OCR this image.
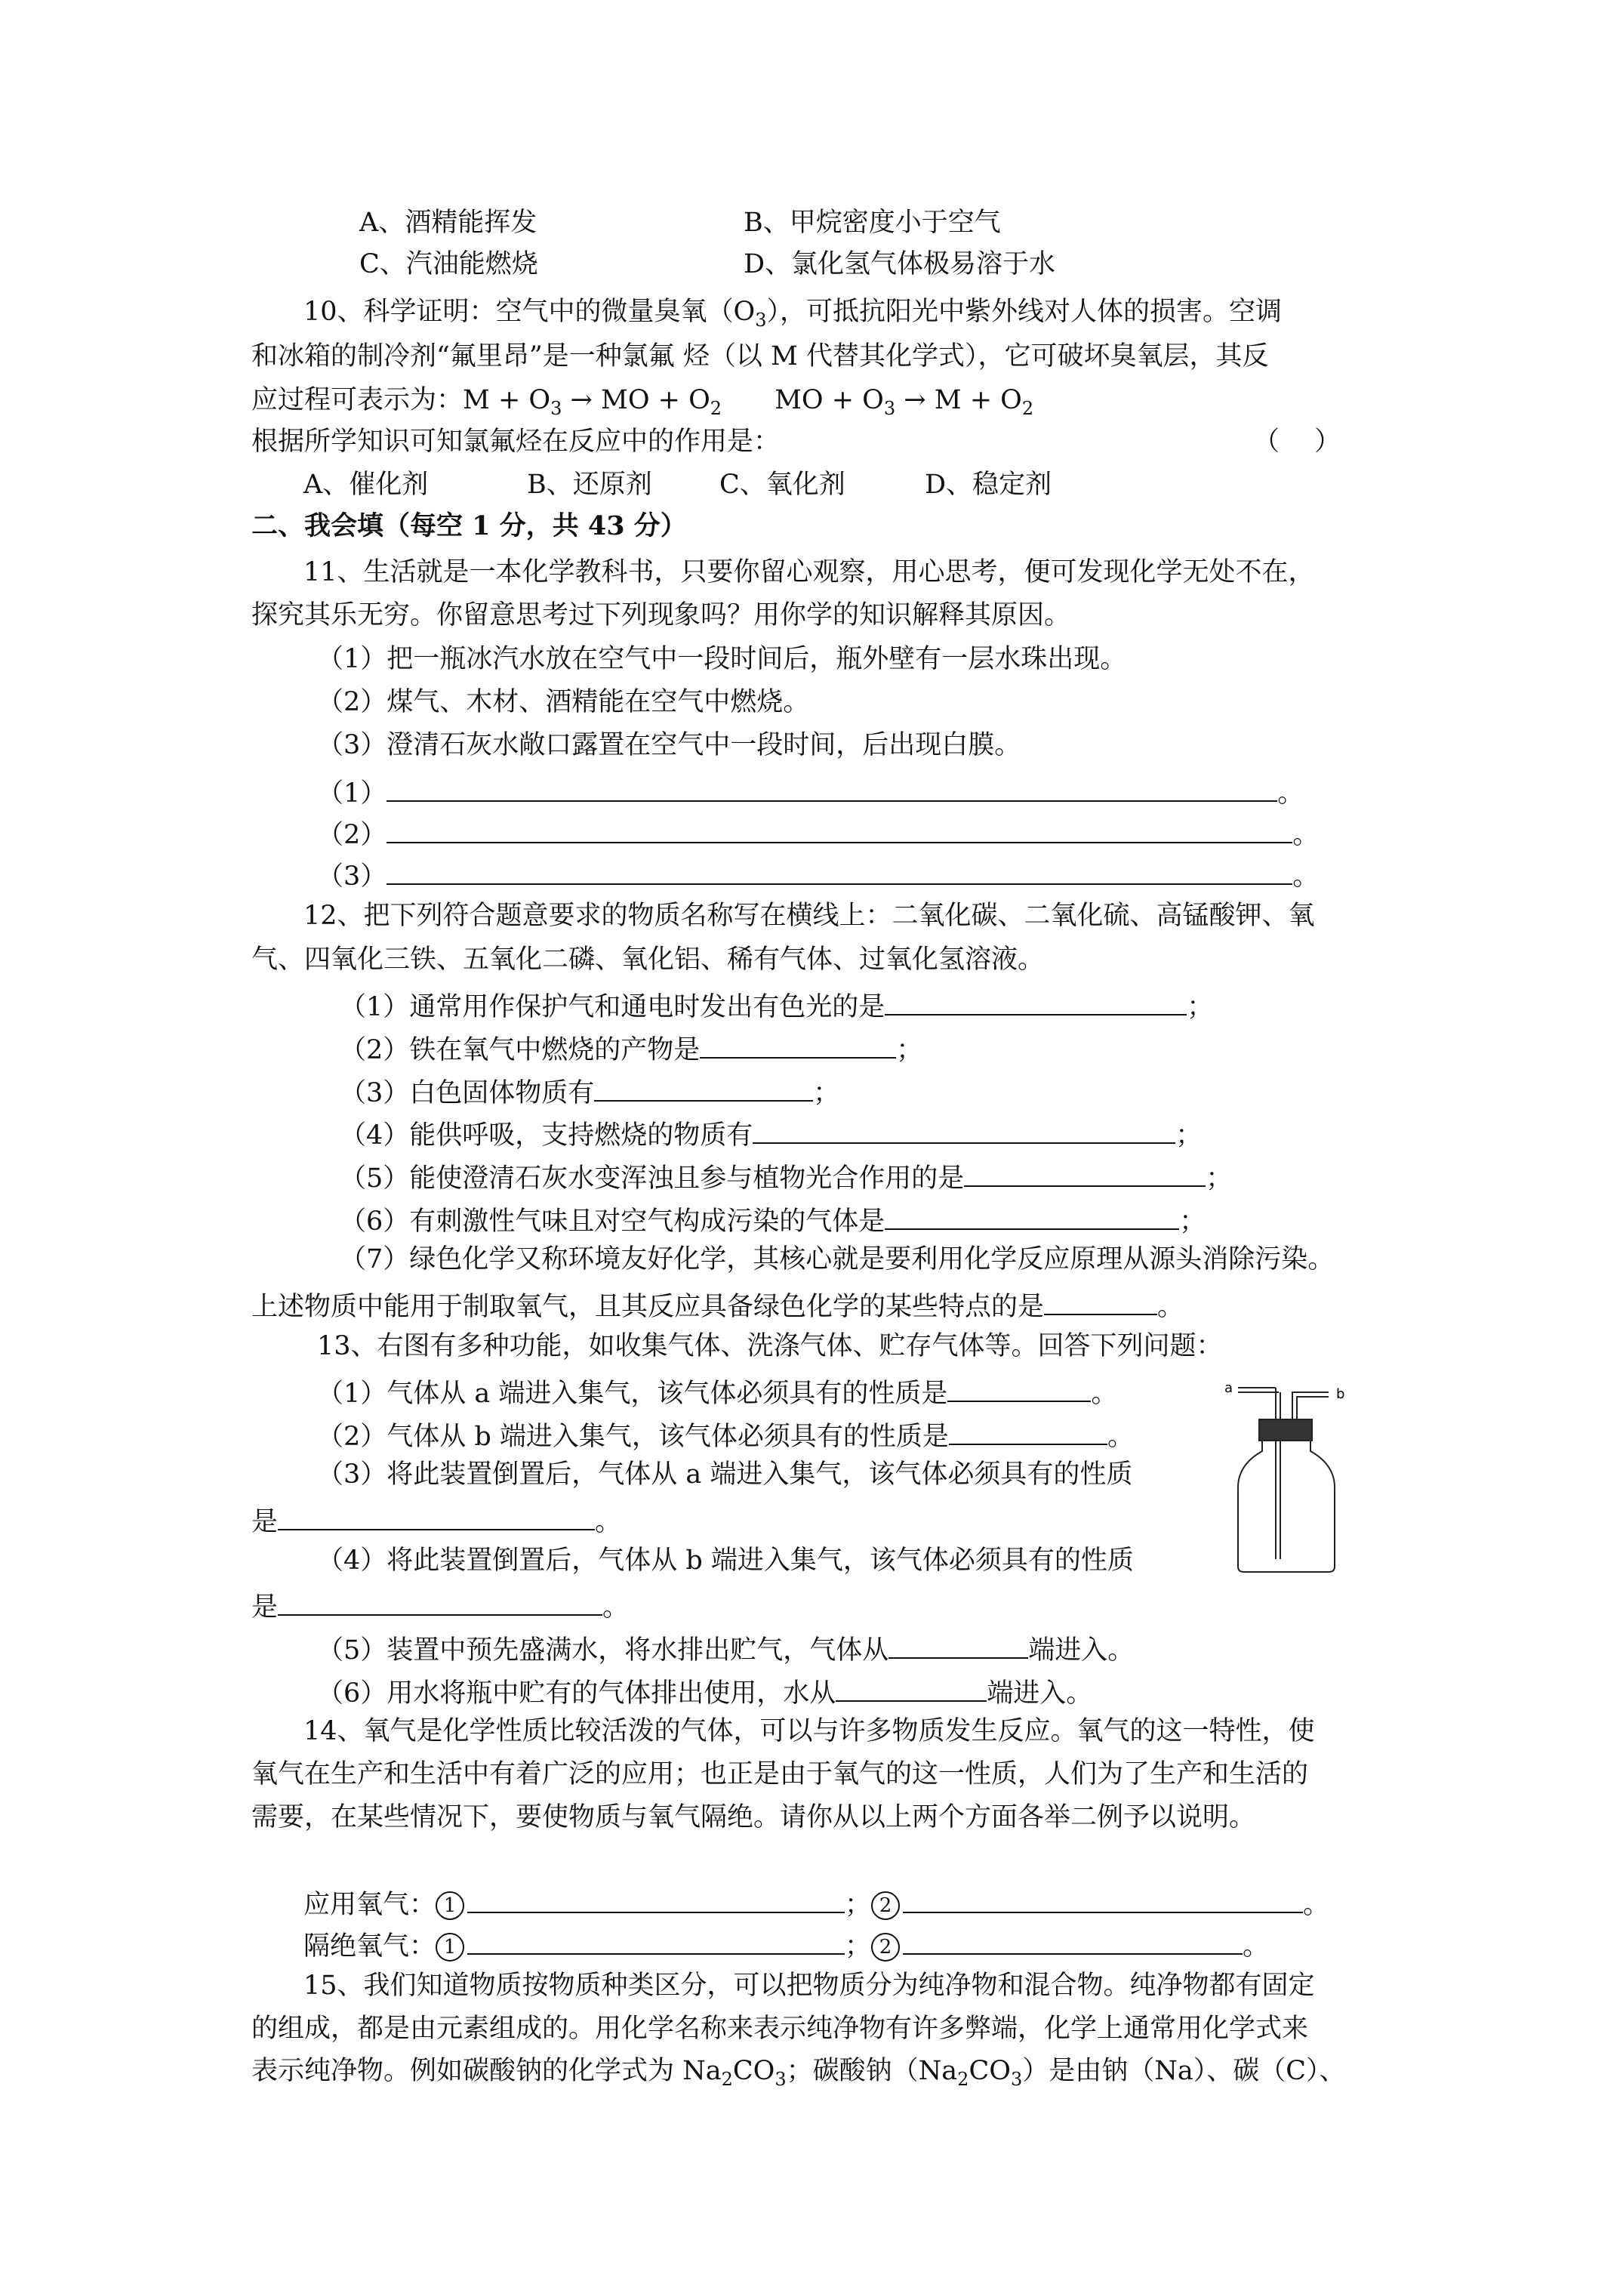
A、酒精能挥发	B、甲烷密度小于空气
C、汽油能燃烧	D、氯化氢气体极易溶于水
10、科学证明：空气中的微量臭氧$(O_3)$，可抵抗阳光中紫外线对人体的损害。空调
和冰箱的制冷剂“氟里昂”是一种氯氟 烃（以 M 代替其化学式），它可破坏臭氧层，其反
应过程可表示为：$M + O_3$ → MO + $O_2$ MO + $O_3 \to M + O_2$
根据所学知识可知氯氟烃在反应中的作用是：	（　 ）
A、催化剂	B、还原剂	C、氧化剂	D、稳定剂
二、我会填（每空 1 分，共 43 分）
11、生活就是一本化学教科书，只要你留心观察，用心思考，便可发现化学无处不在，
探究其乐无穷。你留意思考过下列现象吗？用你学的知识解释其原因。
（1）把一瓶冰汽水放在空气中一段时间后，瓶外壁有一层水珠出现。
（2）煤气、木材、酒精能在空气中燃烧。
（3）澄清石灰水敞口露置在空气中一段时间，后出现白膜。
（1）	。
（2）	。
（3）	。
12、把下列符合题意要求的物质名称写在横线上：二氧化碳、二氧化硫、高锰酸钾、氧
气、四氧化三铁、五氧化二磷、氧化铝、稀有气体、过氧化氢溶液。
（1）通常用作保护气和通电时发出有色光的是	；
（2）铁在氧气中燃烧的产物是	；
（3）白色固体物质有	；
（4）能供呼吸，支持燃烧的物质有	；
（5）能使澄清石灰水变浑浊且参与植物光合作用的是	；
（6）有刺激性气味且对空气构成污染的气体是	；
（7）绿色化学又称环境友好化学，其核心就是要利用化学反应原理从源头消除污染。
上述物质中能用于制取氧气，且其反应具备绿色化学的某些特点的是	。
13、右图有多种功能，如收集气体、洗涤气体、贮存气体等。回答下列问题：
（1）气体从 a 端进入集气，该气体必须具有的性质是	。
（2）气体从 b 端进入集气，该气体必须具有的性质是	。
（3）将此装置倒置后，气体从 a 端进入集气，该气体必须具有的性质
是	。
（4）将此装置倒置后，气体从 b 端进入集气，该气体必须具有的性质
是	。
（5）装置中预先盛满水，将水排出贮气，气体从	端进入。
（6）用水将瓶中贮有的气体排出使用，水从	端进入。
a	b
14、氧气是化学性质比较活泼的气体，可以与许多物质发生反应。氧气的这一特性，使
氧气在生产和生活中有着广泛的应用；也正是由于氧气的这一性质，人们为了生产和生活的
需要，在某些情况下，要使物质与氧气隔绝。请你从以上两个方面各举二例予以说明。
应用氧气： 1	； 2	。
隔绝氧气： 1	； 2	。
15、我们知道物质按物质种类区分，可以把物质分为纯净物和混合物。纯净物都有固定
的组成，都是由元素组成的。用化学名称来表示纯净物有许多弊端，化学上通常用化学式来
表示纯净物。例如碳酸钠的化学式为 $Na_2CO_3$；碳酸钠$(Na_2CO_3)$是由钠（Na）、碳（C）、
